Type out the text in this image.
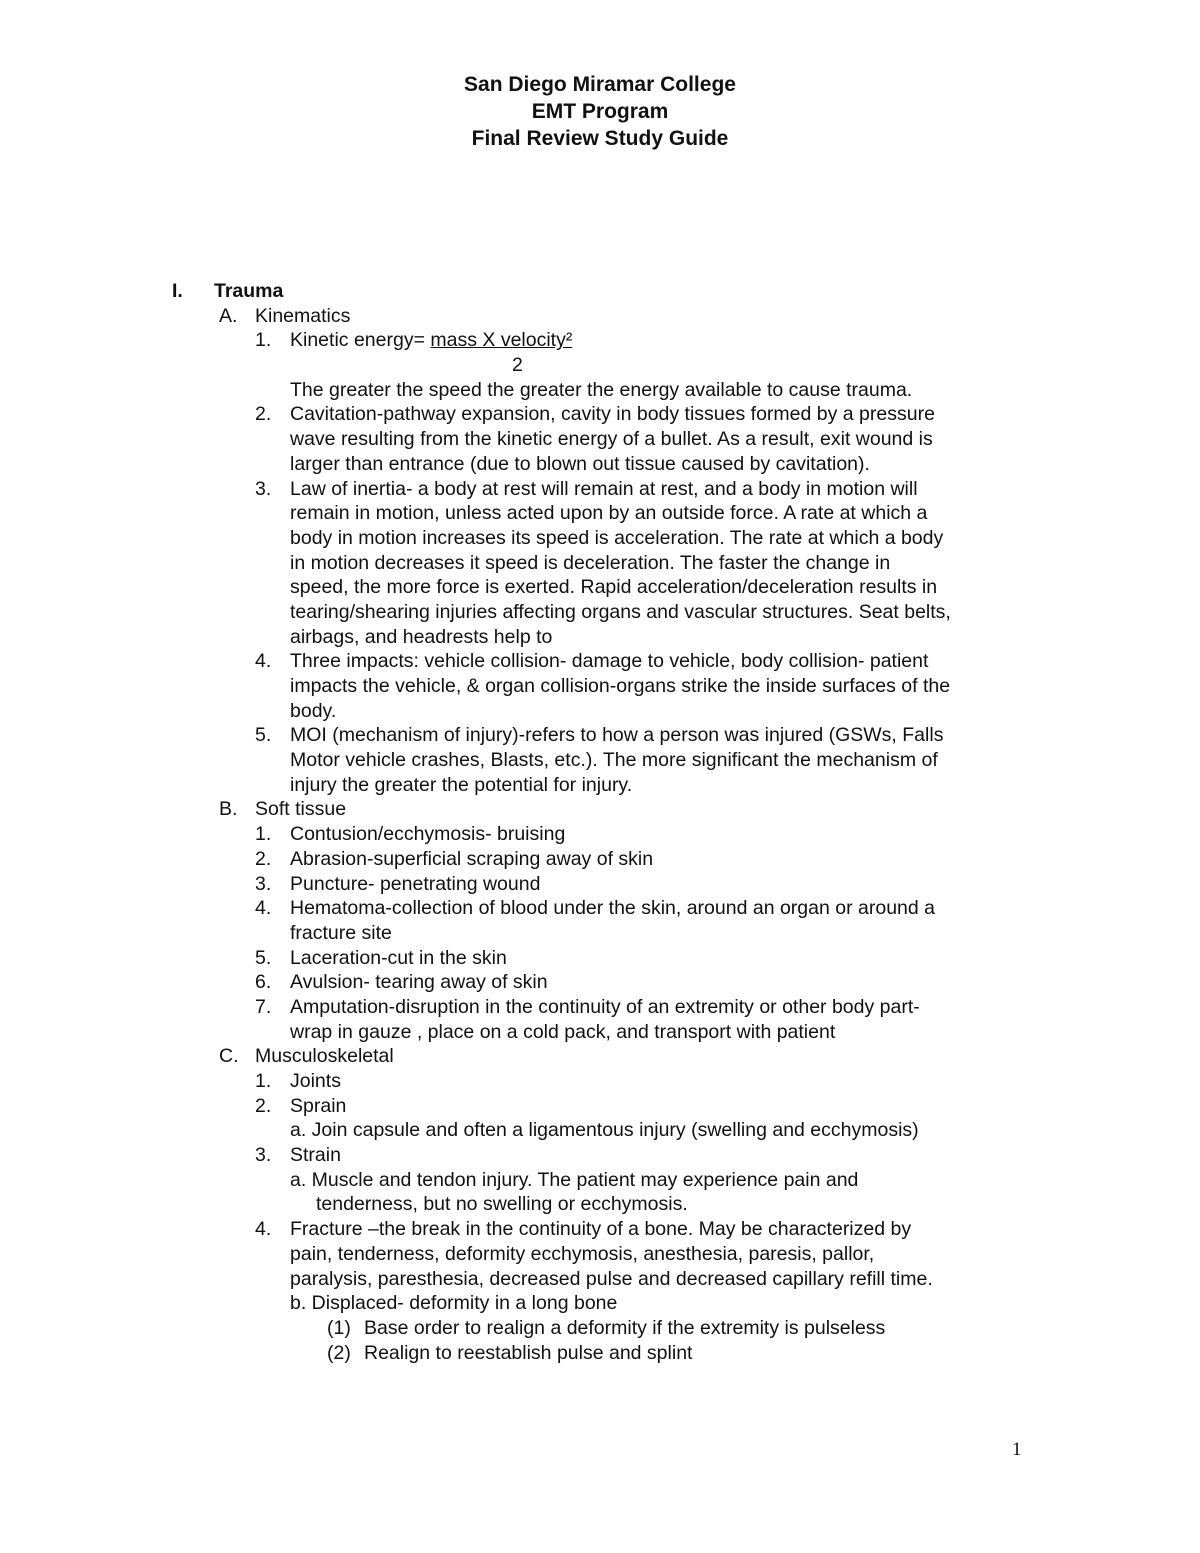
San Diego Miramar College
EMT Program
Final Review Study Guide
I. Trauma
A. Kinematics
1. Kinetic energy= mass X velocity²
2
The greater the speed the greater the energy available to cause trauma.
2. Cavitation-pathway expansion, cavity in body tissues formed by a pressure
wave resulting from the kinetic energy of a bullet. As a result, exit wound is
larger than entrance (due to blown out tissue caused by cavitation).
3. Law of inertia- a body at rest will remain at rest, and a body in motion will
remain in motion, unless acted upon by an outside force. A rate at which a
body in motion increases its speed is acceleration. The rate at which a body
in motion decreases it speed is deceleration. The faster the change in
speed, the more force is exerted. Rapid acceleration/deceleration results in
tearing/shearing injuries affecting organs and vascular structures. Seat belts,
airbags, and headrests help to
4. Three impacts: vehicle collision- damage to vehicle, body collision- patient
impacts the vehicle, & organ collision-organs strike the inside surfaces of the
body.
5. MOI (mechanism of injury)-refers to how a person was injured (GSWs, Falls
Motor vehicle crashes, Blasts, etc.). The more significant the mechanism of
injury the greater the potential for injury.
B. Soft tissue
1. Contusion/ecchymosis- bruising
2. Abrasion-superficial scraping away of skin
3. Puncture- penetrating wound
4. Hematoma-collection of blood under the skin, around an organ or around a
fracture site
5. Laceration-cut in the skin
6. Avulsion- tearing away of skin
7. Amputation-disruption in the continuity of an extremity or other body part-
wrap in gauze , place on a cold pack, and transport with patient
C. Musculoskeletal
1. Joints
2. Sprain
a. Join capsule and often a ligamentous injury (swelling and ecchymosis)
3. Strain
a. Muscle and tendon injury. The patient may experience pain and
tenderness, but no swelling or ecchymosis.
4. Fracture –the break in the continuity of a bone. May be characterized by
pain, tenderness, deformity ecchymosis, anesthesia, paresis, pallor,
paralysis, paresthesia, decreased pulse and decreased capillary refill time.
b. Displaced- deformity in a long bone
(1) Base order to realign a deformity if the extremity is pulseless
(2) Realign to reestablish pulse and splint
1
